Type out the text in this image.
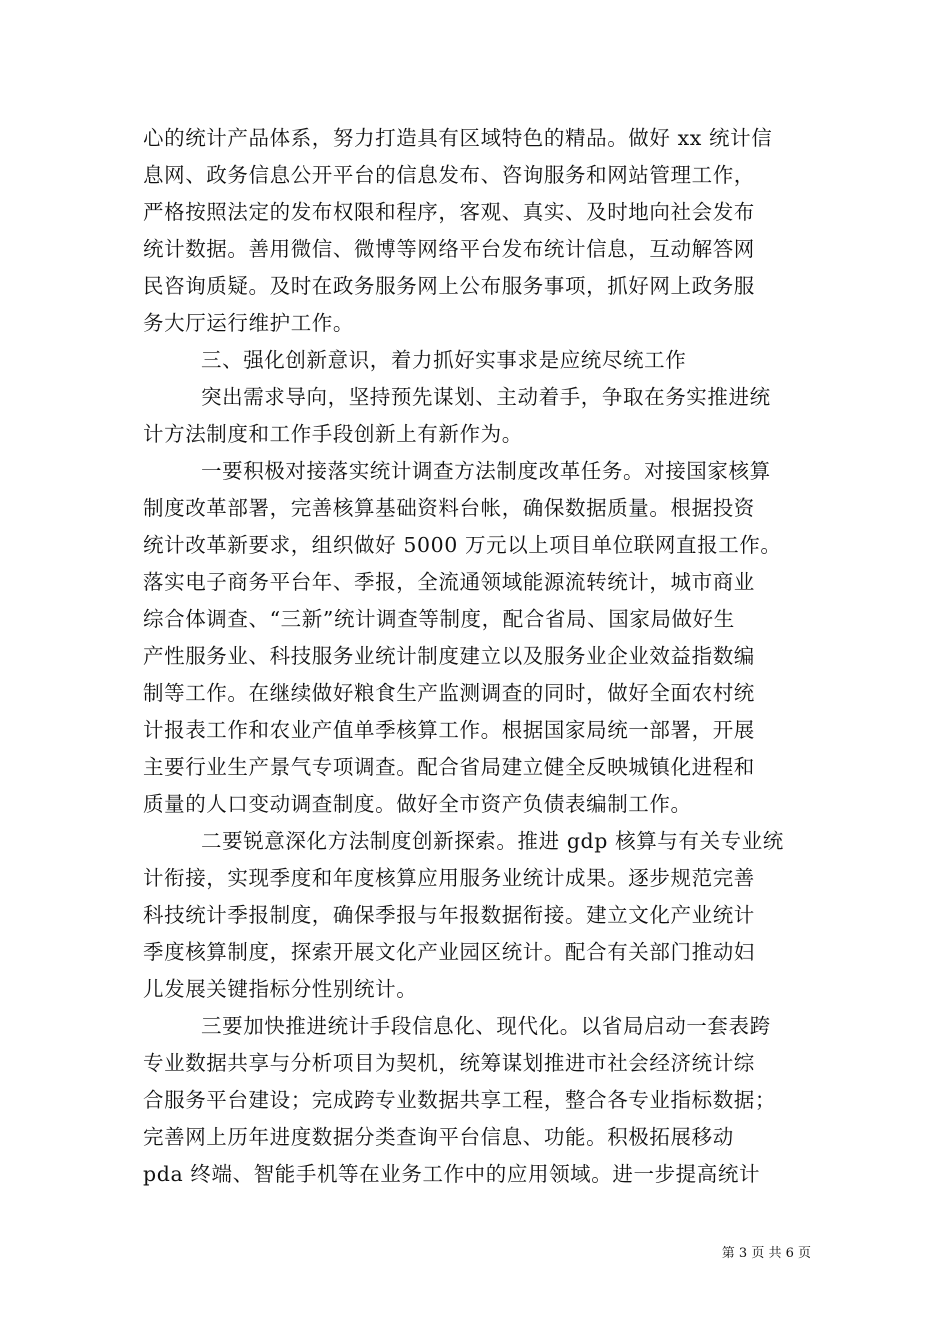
心的统计产品体系，努力打造具有区域特色的精品。做好 xx 统计信
息网、政务信息公开平台的信息发布、咨询服务和网站管理工作，
严格按照法定的发布权限和程序，客观、真实、及时地向社会发布
统计数据。善用微信、微博等网络平台发布统计信息，互动解答网
民咨询质疑。及时在政务服务网上公布服务事项，抓好网上政务服
务大厅运行维护工作。
三、强化创新意识，着力抓好实事求是应统尽统工作
突出需求导向，坚持预先谋划、主动着手，争取在务实推进统
计方法制度和工作手段创新上有新作为。
一要积极对接落实统计调查方法制度改革任务。对接国家核算
制度改革部署，完善核算基础资料台帐，确保数据质量。根据投资
统计改革新要求，组织做好 5000 万元以上项目单位联网直报工作。
落实电子商务平台年、季报，全流通领域能源流转统计，城市商业
综合体调查、“三新”统计调查等制度，配合省局、国家局做好生
产性服务业、科技服务业统计制度建立以及服务业企业效益指数编
制等工作。在继续做好粮食生产监测调查的同时，做好全面农村统
计报表工作和农业产值单季核算工作。根据国家局统一部署，开展
主要行业生产景气专项调查。配合省局建立健全反映城镇化进程和
质量的人口变动调查制度。做好全市资产负债表编制工作。
二要锐意深化方法制度创新探索。推进 gdp 核算与有关专业统
计衔接，实现季度和年度核算应用服务业统计成果。逐步规范完善
科技统计季报制度，确保季报与年报数据衔接。建立文化产业统计
季度核算制度，探索开展文化产业园区统计。配合有关部门推动妇
儿发展关键指标分性别统计。
三要加快推进统计手段信息化、现代化。以省局启动一套表跨
专业数据共享与分析项目为契机，统筹谋划推进市社会经济统计综
合服务平台建设；完成跨专业数据共享工程，整合各专业指标数据；
完善网上历年进度数据分类查询平台信息、功能。积极拓展移动
pda 终端、智能手机等在业务工作中的应用领域。进一步提高统计
第 3 页 共 6 页
